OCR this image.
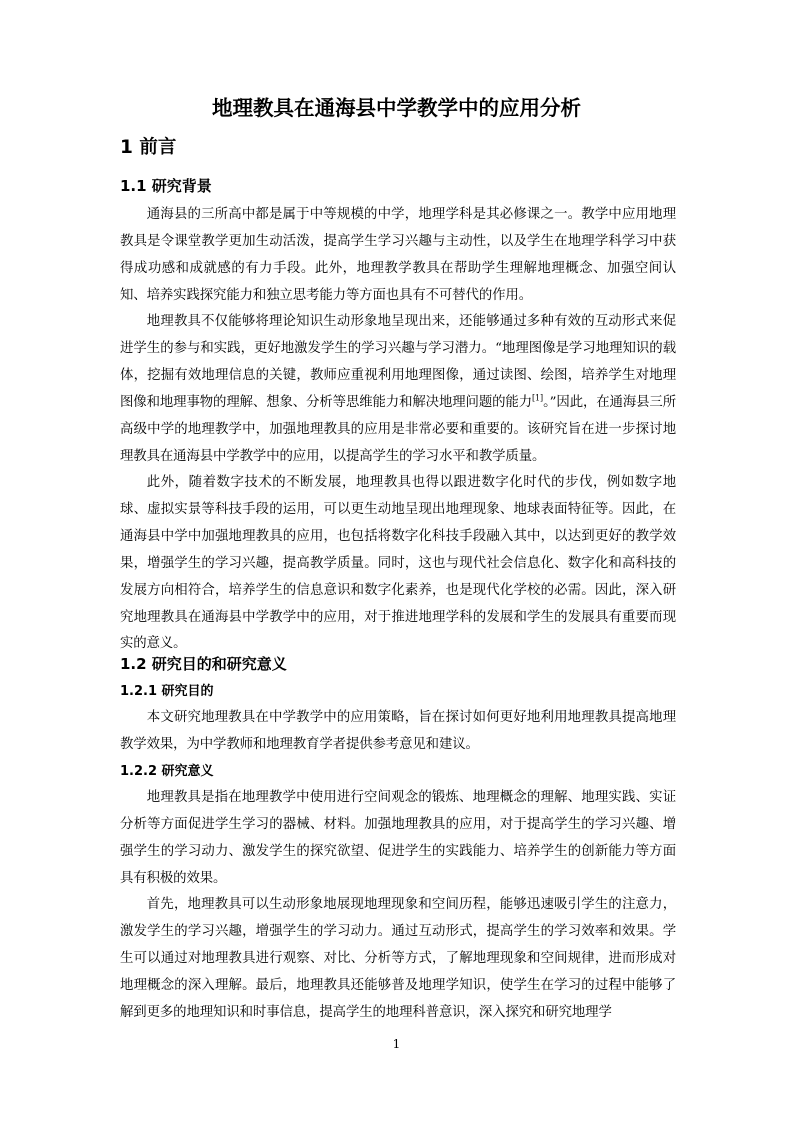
地理教具在通海县中学教学中的应用分析
1 前言
1.1 研究背景

通海县的三所高中都是属于中等规模的中学，地理学科是其必修课之一。教学中应用地理教具是令课堂教学更加生动活泼，提高学生学习兴趣与主动性，以及学生在地理学科学习中获得成功感和成就感的有力手段。此外，地理教学教具在帮助学生理解地理概念、加强空间认知、培养实践探究能力和独立思考能力等方面也具有不可替代的作用。

地理教具不仅能够将理论知识生动形象地呈现出来，还能够通过多种有效的互动形式来促进学生的参与和实践，更好地激发学生的学习兴趣与学习潜力。“地理图像是学习地理知识的载体，挖掘有效地理信息的关键，教师应重视利用地理图像，通过读图、绘图，培养学生对地理图像和地理事物的理解、想象、分析等思维能力和解决地理问题的能力[1]。”因此，在通海县三所高级中学的地理教学中，加强地理教具的应用是非常必要和重要的。该研究旨在进一步探讨地理教具在通海县中学教学中的应用，以提高学生的学习水平和教学质量。

此外，随着数字技术的不断发展，地理教具也得以跟进数字化时代的步伐，例如数字地球、虚拟实景等科技手段的运用，可以更生动地呈现出地理现象、地球表面特征等。因此，在通海县中学中加强地理教具的应用，也包括将数字化科技手段融入其中，以达到更好的教学效果，增强学生的学习兴趣，提高教学质量。同时，这也与现代社会信息化、数字化和高科技的发展方向相符合，培养学生的信息意识和数字化素养，也是现代化学校的必需。因此，深入研究地理教具在通海县中学教学中的应用，对于推进地理学科的发展和学生的发展具有重要而现实的意义。

1.2 研究目的和研究意义
1.2.1 研究目的

本文研究地理教具在中学教学中的应用策略，旨在探讨如何更好地利用地理教具提高地理教学效果，为中学教师和地理教育学者提供参考意见和建议。

1.2.2 研究意义

地理教具是指在地理教学中使用进行空间观念的锻炼、地理概念的理解、地理实践、实证分析等方面促进学生学习的器械、材料。加强地理教具的应用，对于提高学生的学习兴趣、增强学生的学习动力、激发学生的探究欲望、促进学生的实践能力、培养学生的创新能力等方面具有积极的效果。

首先，地理教具可以生动形象地展现地理现象和空间历程，能够迅速吸引学生的注意力，激发学生的学习兴趣，增强学生的学习动力。通过互动形式，提高学生的学习效率和效果。学生可以通过对地理教具进行观察、对比、分析等方式，了解地理现象和空间规律，进而形成对地理概念的深入理解。最后，地理教具还能够普及地理学知识，使学生在学习的过程中能够了解到更多的地理知识和时事信息，提高学生的地理科普意识，深入探究和研究地理学

1
